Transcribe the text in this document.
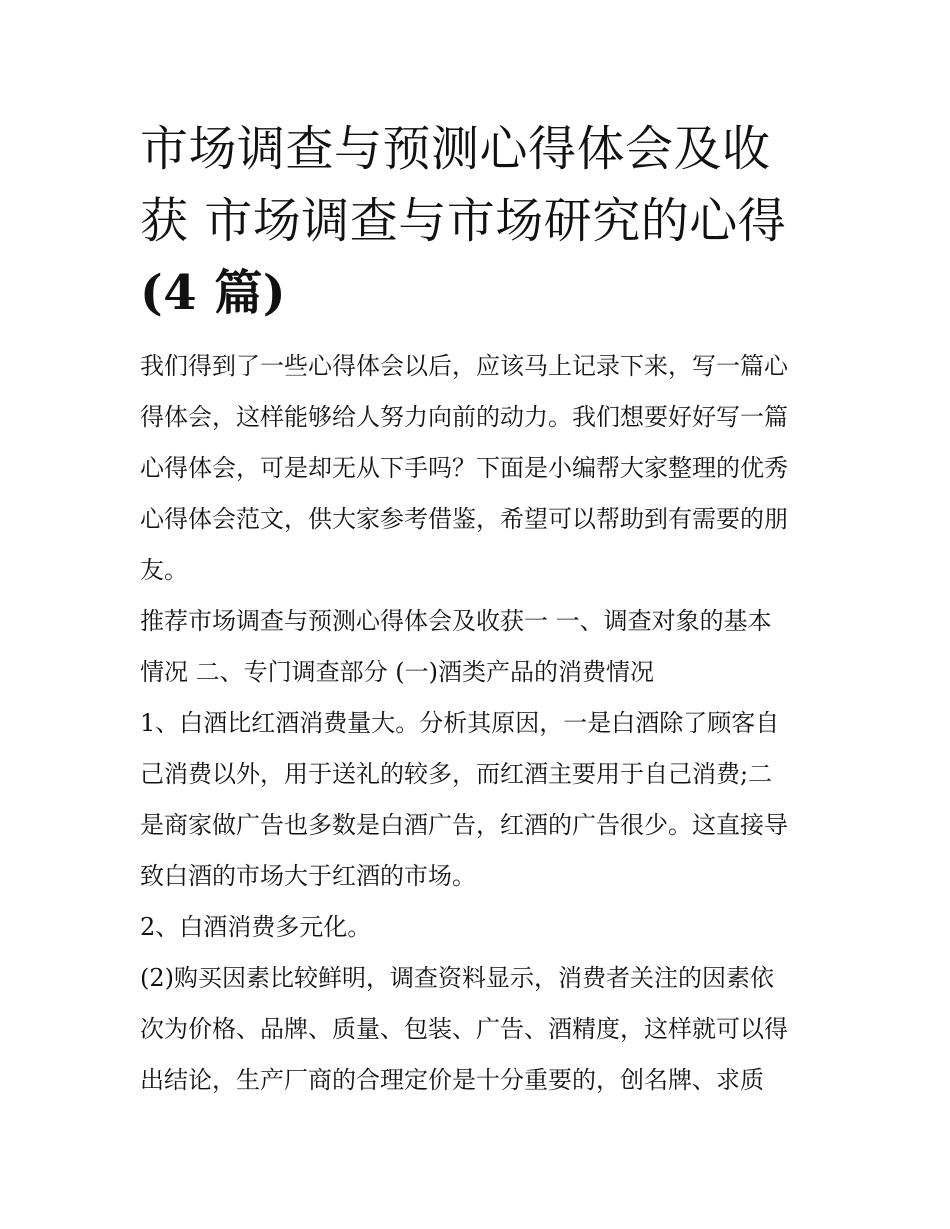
市场调查与预测心得体会及收
获 市场调查与市场研究的心得
(4 篇)

我们得到了一些心得体会以后，应该马上记录下来，写一篇心
得体会，这样能够给人努力向前的动力。我们想要好好写一篇
心得体会，可是却无从下手吗？下面是小编帮大家整理的优秀
心得体会范文，供大家参考借鉴，希望可以帮助到有需要的朋
友。

推荐市场调查与预测心得体会及收获一 一、调查对象的基本
情况 二、专门调查部分 (一)酒类产品的消费情况

1、白酒比红酒消费量大。分析其原因，一是白酒除了顾客自
己消费以外，用于送礼的较多，而红酒主要用于自己消费;二
是商家做广告也多数是白酒广告，红酒的广告很少。这直接导
致白酒的市场大于红酒的市场。

2、白酒消费多元化。

(2)购买因素比较鲜明，调查资料显示，消费者关注的因素依
次为价格、品牌、质量、包装、广告、酒精度，这样就可以得
出结论，生产厂商的合理定价是十分重要的，创名牌、求质
